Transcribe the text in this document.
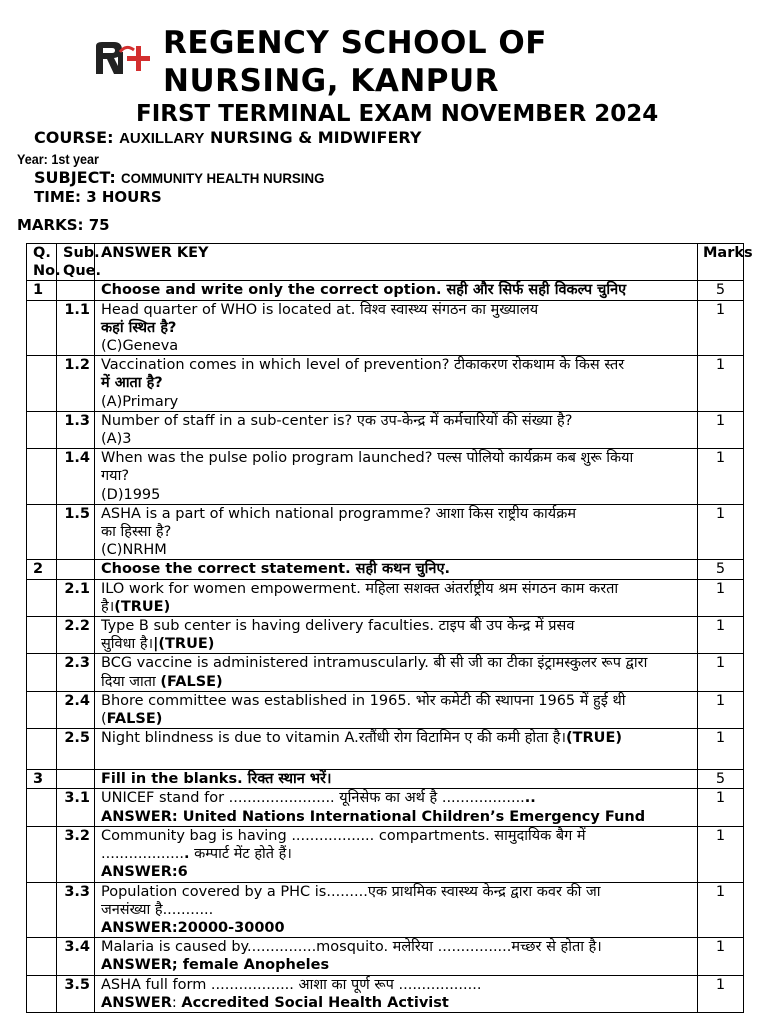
REGENCY SCHOOL OF
NURSING, KANPUR
FIRST TERMINAL EXAM NOVEMBER 2024
COURSE: AUXILLARY NURSING & MIDWIFERY
Year: 1st year
SUBJECT: COMMUNITY HEALTH NURSING
TIME: 3 HOURS
MARKS: 75
Q. No.	Sub. Que.	ANSWER KEY	Marks
1		Choose and write only the correct option. सही और सिर्फ सही विकल्प चुनिए	5
	1.1	Head quarter of WHO is located at. विश्व स्वास्थ्य संगठन का मुख्यालय
कहां स्थित है?
(C)Geneva	1
	1.2	Vaccination comes in which level of prevention? टीकाकरण रोकथाम के किस स्तर
में आता है?
(A)Primary	1
	1.3	Number of staff in a sub-center is? एक उप-केन्द्र में कर्मचारियों की संख्या है?
(A)3	1
	1.4	When was the pulse polio program launched? पल्स पोलियो कार्यक्रम कब शुरू किया
गया?
(D)1995	1
	1.5	ASHA is a part of which national programme? आशा किस राष्ट्रीय कार्यक्रम
का हिस्सा है?
(C)NRHM	1
2		Choose the correct statement. सही कथन चुनिए.	5
	2.1	ILO work for women empowerment. महिला सशक्त अंतर्राष्ट्रीय श्रम संगठन काम करता
है।(TRUE)	1
	2.2	Type B sub center is having delivery faculties. टाइप बी उप केन्द्र में प्रसव
सुविधा है।|(TRUE)	1
	2.3	BCG vaccine is administered intramuscularly. बी सी जी का टीका इंट्रामस्कुलर रूप द्वारा
दिया जाता (FALSE)	1
	2.4	Bhore committee was established in 1965. भोर कमेटी की स्थापना 1965 में हुई थी
(FALSE)	1
	2.5	Night blindness is due to vitamin A.रतौंधी रोग विटामिन ए की कमी होता है।(TRUE)	1
3		Fill in the blanks. रिक्त स्थान भरें।	5
	3.1	UNICEF stand for ....................... यूनिसेफ का अर्थ है ....................
ANSWER: United Nations International Children’s Emergency Fund	1
	3.2	Community bag is having .................. compartments. सामुदायिक बैग में
................... कम्पार्ट मेंट होते हैं।
ANSWER:6	1
	3.3	Population covered by a PHC is.........एक प्राथमिक स्वास्थ्य केन्द्र द्वारा कवर की जा
जनसंख्या है...........
ANSWER:20000-30000	1
	3.4	Malaria is caused by...............mosquito. मलेरिया ................मच्छर से होता है।
ANSWER; female Anopheles	1
	3.5	ASHA full form .................. आशा का पूर्ण रूप ..................
ANSWER: Accredited Social Health Activist	1
